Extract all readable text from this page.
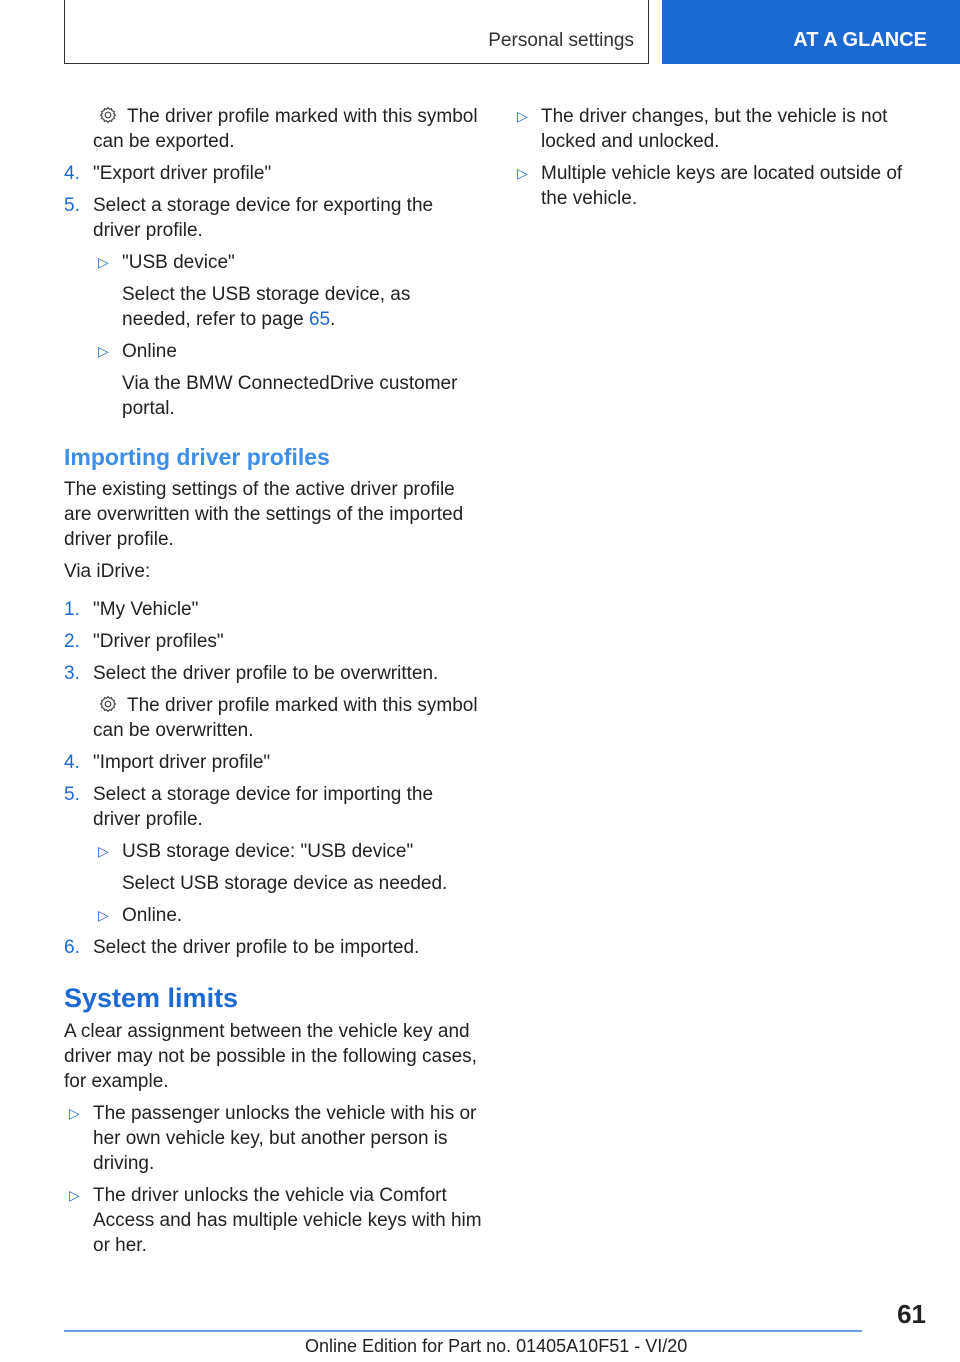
Personal settings	AT A GLANCE

The driver profile marked with this symbol can be exported.

4. "Export driver profile"
5. Select a storage device for exporting the driver profile.
▷ "USB device"

Select the USB storage device, as needed, refer to page 65.

▷ Online

Via the BMW ConnectedDrive customer portal.

Importing driver profiles

The existing settings of the active driver profile are overwritten with the settings of the imported driver profile.

Via iDrive:

1. "My Vehicle"
2. "Driver profiles"
3. Select the driver profile to be overwritten.

The driver profile marked with this symbol can be overwritten.

4. "Import driver profile"
5. Select a storage device for importing the driver profile.
▷ USB storage device: "USB device"

Select USB storage device as needed.

▷ Online.
6. Select the driver profile to be imported.
System limits

A clear assignment between the vehicle key and driver may not be possible in the following cases, for example.

▷ The passenger unlocks the vehicle with his or her own vehicle key, but another person is driving.
▷ The driver unlocks the vehicle via Comfort Access and has multiple vehicle keys with him or her.
▷ The driver changes, but the vehicle is not locked and unlocked.
▷ Multiple vehicle keys are located outside of the vehicle.
61
Online Edition for Part no. 01405A10F51 - VI/20
